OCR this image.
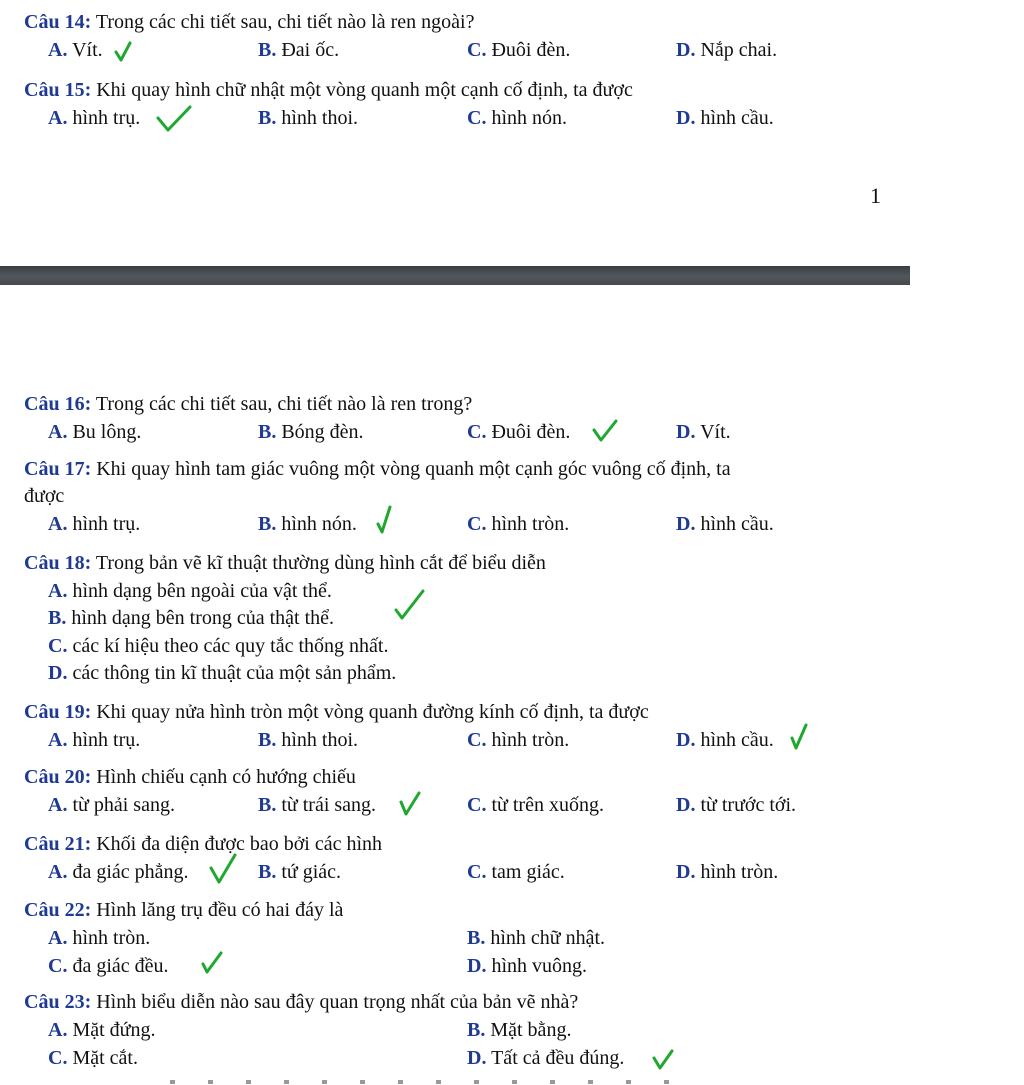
Câu 14: Trong các chi tiết sau, chi tiết nào là ren ngoài?
A. Vít.	B. Đai ốc.	C. Đuôi đèn.	D. Nắp chai.
Câu 15: Khi quay hình chữ nhật một vòng quanh một cạnh cố định, ta được
A. hình trụ.	B. hình thoi.	C. hình nón.	D. hình cầu.
1
Câu 16: Trong các chi tiết sau, chi tiết nào là ren trong?
A. Bu lông.	B. Bóng đèn.	C. Đuôi đèn.	D. Vít.
Câu 17: Khi quay hình tam giác vuông một vòng quanh một cạnh góc vuông cố định, ta
được
A. hình trụ.	B. hình nón.	C. hình tròn.	D. hình cầu.
Câu 18: Trong bản vẽ kĩ thuật thường dùng hình cắt để biểu diễn
A. hình dạng bên ngoài của vật thể.
B. hình dạng bên trong của thật thể.
C. các kí hiệu theo các quy tắc thống nhất.
D. các thông tin kĩ thuật của một sản phẩm.
Câu 19: Khi quay nửa hình tròn một vòng quanh đường kính cố định, ta được
A. hình trụ.	B. hình thoi.	C. hình tròn.	D. hình cầu.
Câu 20: Hình chiếu cạnh có hướng chiếu
A. từ phải sang.	B. từ trái sang.	C. từ trên xuống.	D. từ trước tới.
Câu 21: Khối đa diện được bao bởi các hình
A. đa giác phẳng.	B. tứ giác.	C. tam giác.	D. hình tròn.
Câu 22: Hình lăng trụ đều có hai đáy là
A. hình tròn.	B. hình chữ nhật.
C. đa giác đều.	D. hình vuông.
Câu 23: Hình biểu diễn nào sau đây quan trọng nhất của bản vẽ nhà?
A. Mặt đứng.	B. Mặt bằng.
C. Mặt cắt.	D. Tất cả đều đúng.
